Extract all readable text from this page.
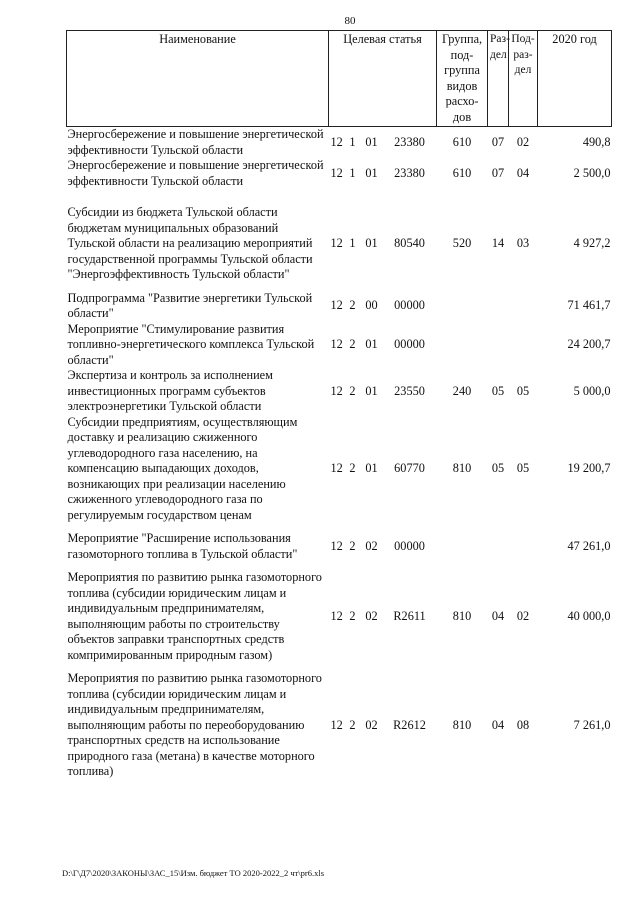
80
Наименование	Целевая статья				Группа, под-группа видов расхо-дов	Раз-дел	Под-раз-дел	2020 год
Энергосбережение и повышение энергетической эффективности Тульской области	12	1	01	23380	610	07	02	490,8
Энергосбережение и повышение энергетической эффективности Тульской области	12	1	01	23380	610	07	04	2 500,0

Субсидии из бюджета Тульской области бюджетам муниципальных образований Тульской области на реализацию мероприятий государственной программы Тульской области "Энергоэффективность Тульской области"	12	1	01	80540	520	14	03	4 927,2

Подпрограмма "Развитие энергетики Тульской области"	12	2	00	00000				71 461,7
Мероприятие "Стимулирование развития топливно-энергетического комплекса Тульской области"	12	2	01	00000				24 200,7
Экспертиза и контроль за исполнением инвестиционных программ субъектов электроэнергетики Тульской области	12	2	01	23550	240	05	05	5 000,0
Субсидии предприятиям, осуществляющим доставку и реализацию сжиженного углеводородного газа населению, на компенсацию выпадающих доходов, возникающих при реализации населению сжиженного углеводородного газа по регулируемым государством ценам	12	2	01	60770	810	05	05	19 200,7

Мероприятие "Расширение использования газомоторного топлива в Тульской области"	12	2	02	00000				47 261,0

Мероприятия по развитию рынка газомоторного топлива (субсидии юридическим лицам и индивидуальным предпринимателям, выполняющим работы по строительству объектов заправки транспортных средств компримированным природным газом)	12	2	02	R2611	810	04	02	40 000,0

Мероприятия по развитию рынка газомоторного топлива (субсидии юридическим лицам и индивидуальным предпринимателям, выполняющим работы по переоборудованию транспортных средств на использование природного газа (метана) в качестве моторного топлива)	12	2	02	R2612	810	04	08	7 261,0
D:\Г\Д7\2020\ЗАКОНЫ\ЗАС_15\Изм. бюджет ТО 2020-2022_2 чт\pr6.xls
